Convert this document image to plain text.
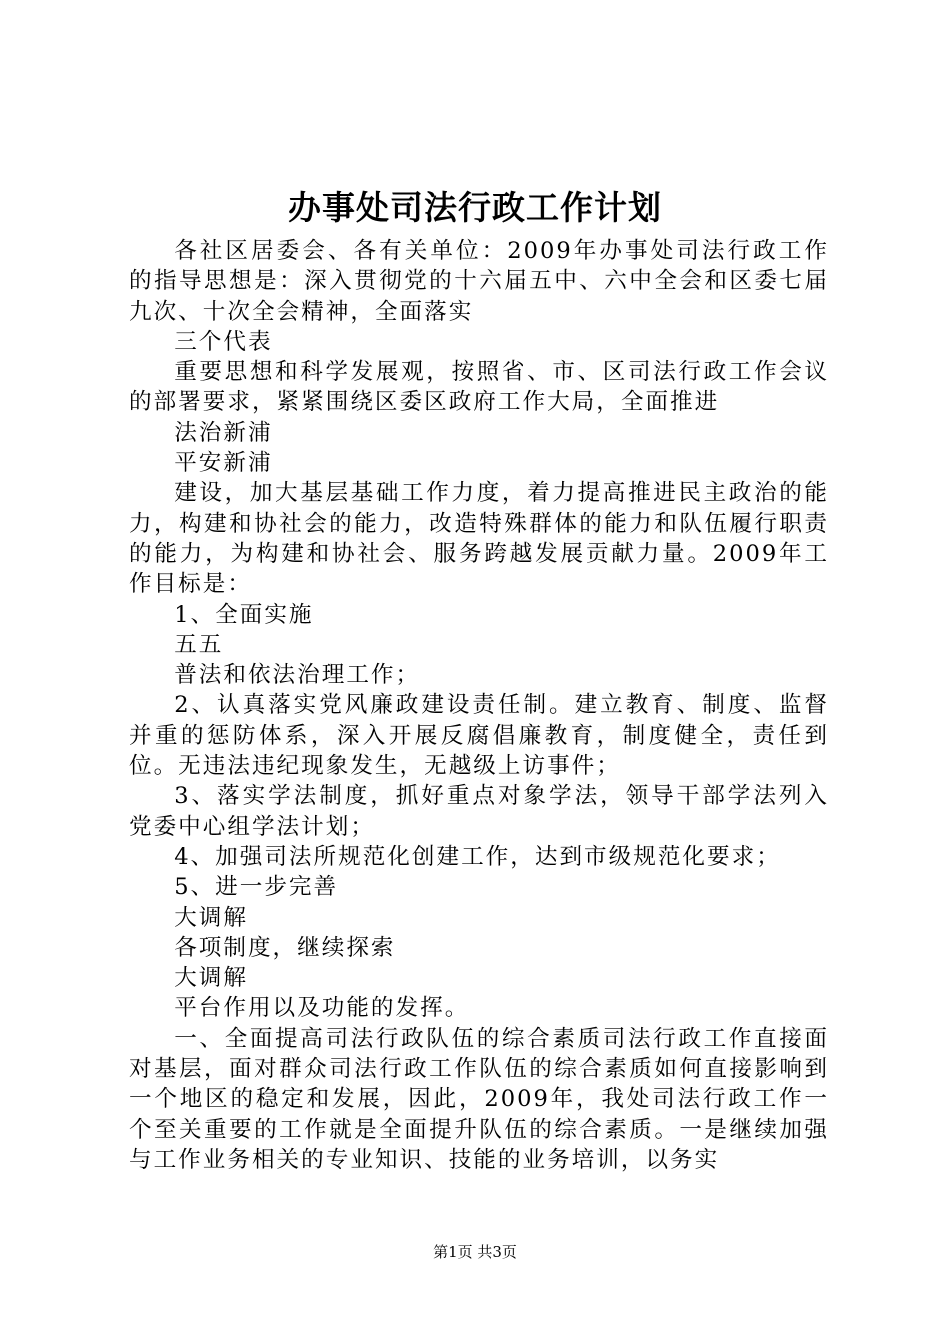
办事处司法行政工作计划

各社区居委会、各有关单位：2009年办事处司法行政工作的指导思想是：深入贯彻党的十六届五中、六中全会和区委七届九次、十次全会精神，全面落实

三个代表

重要思想和科学发展观，按照省、市、区司法行政工作会议的部署要求，紧紧围绕区委区政府工作大局，全面推进

法治新浦

平安新浦

建设，加大基层基础工作力度，着力提高推进民主政治的能力，构建和协社会的能力，改造特殊群体的能力和队伍履行职责的能力，为构建和协社会、服务跨越发展贡献力量。2009年工作目标是：

1、全面实施

五五

普法和依法治理工作；

2、认真落实党风廉政建设责任制。建立教育、制度、监督并重的惩防体系，深入开展反腐倡廉教育，制度健全，责任到位。无违法违纪现象发生，无越级上访事件；

3、落实学法制度，抓好重点对象学法，领导干部学法列入党委中心组学法计划；

4、加强司法所规范化创建工作，达到市级规范化要求；

5、进一步完善

大调解

各项制度，继续探索

大调解

平台作用以及功能的发挥。

一、全面提高司法行政队伍的综合素质司法行政工作直接面对基层，面对群众司法行政工作队伍的综合素质如何直接影响到一个地区的稳定和发展，因此，2009年，我处司法行政工作一个至关重要的工作就是全面提升队伍的综合素质。一是继续加强与工作业务相关的专业知识、技能的业务培训，以务实

第1页 共3页
